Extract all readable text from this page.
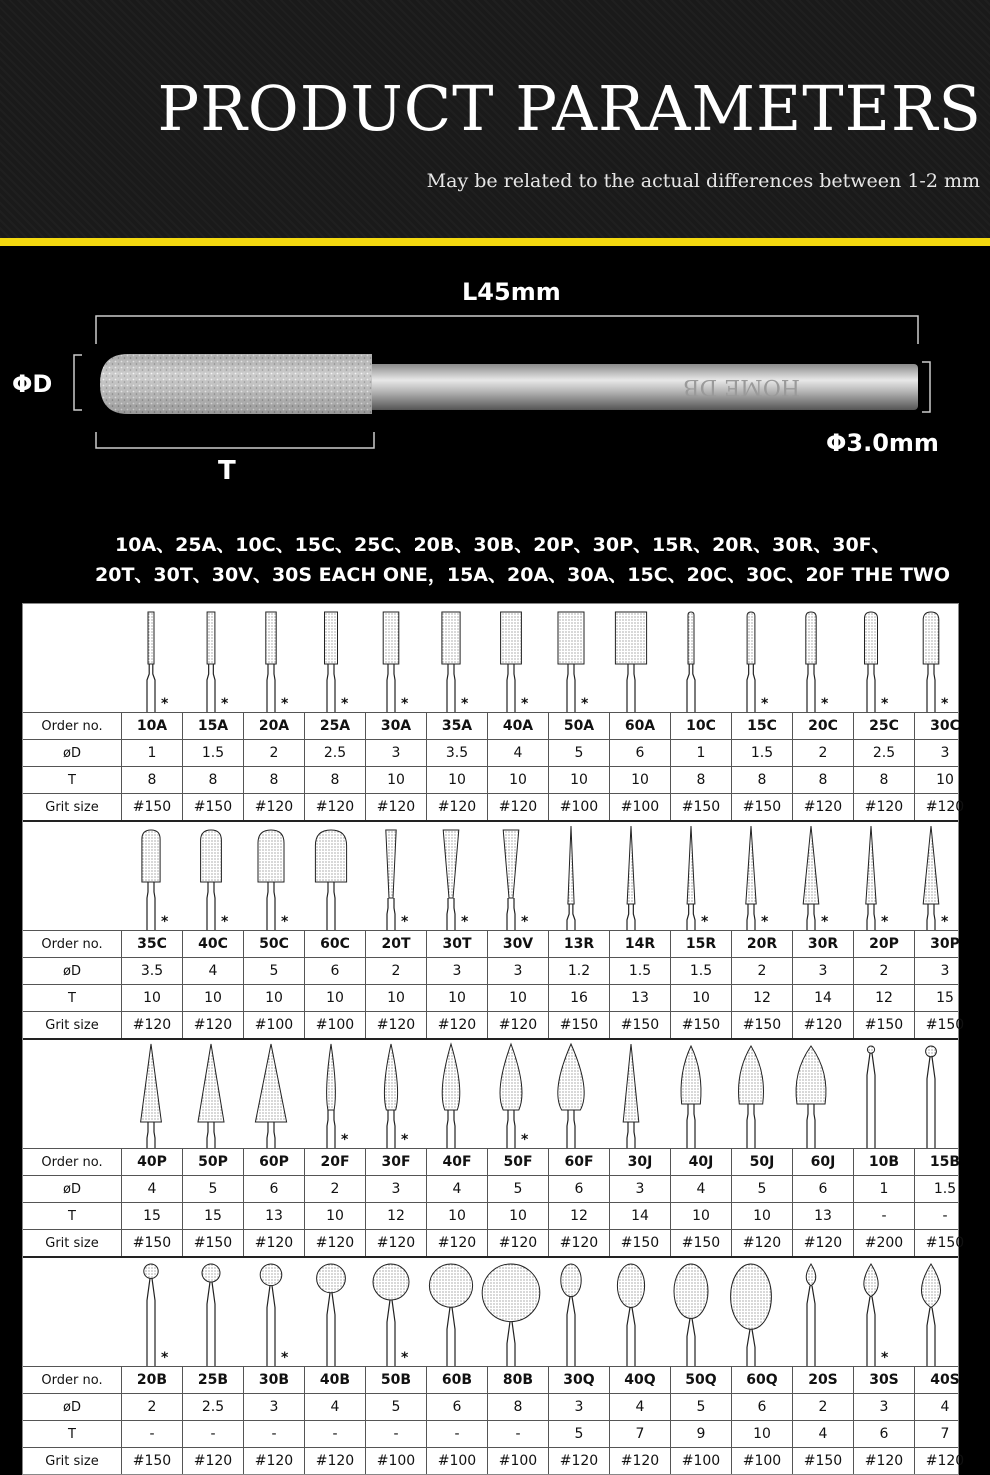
PRODUCT PARAMETERS
May be related to the actual differences between 1-2 mm
L45mm
ΦD
Φ3.0mm
T
HOME DB
10A、25A、10C、15C、25C、20B、30B、20P、30P、15R、20R、30R、30F、
20T、30T、30V、30S EACH ONE，15A、20A、30A、15C、20C、30C、20F THE TWO
*	*	*	*	*	*	*	*	*	*	*	*
Order no.	10A	15A	20A	25A	30A	35A	40A	50A	60A	10C	15C	20C	25C	30C
øD	1	1.5	2	2.5	3	3.5	4	5	6	1	1.5	2	2.5	3
T	8	8	8	8	10	10	10	10	10	8	8	8	8	10
Grit size	#150	#150	#120	#120	#120	#120	#120	#100	#100	#150	#150	#120	#120	#120
*	*	*	*	*	*	*	*	*	*	*
Order no.	35C	40C	50C	60C	20T	30T	30V	13R	14R	15R	20R	30R	20P	30P
øD	3.5	4	5	6	2	3	3	1.2	1.5	1.5	2	3	2	3
T	10	10	10	10	10	10	10	16	13	10	12	14	12	15
Grit size	#120	#120	#100	#100	#120	#120	#120	#150	#150	#150	#150	#120	#150	#150
*	*	*
Order no.	40P	50P	60P	20F	30F	40F	50F	60F	30J	40J	50J	60J	10B	15B
øD	4	5	6	2	3	4	5	6	3	4	5	6	1	1.5
T	15	15	13	10	12	10	10	12	14	10	10	13	-	-
Grit size	#150	#150	#120	#120	#120	#120	#120	#120	#150	#150	#120	#120	#200	#150
*	*	*	*
Order no.	20B	25B	30B	40B	50B	60B	80B	30Q	40Q	50Q	60Q	20S	30S	40S
øD	2	2.5	3	4	5	6	8	3	4	5	6	2	3	4
T	-	-	-	-	-	-	-	5	7	9	10	4	6	7
Grit size	#150	#120	#120	#120	#100	#100	#100	#120	#120	#100	#100	#150	#120	#120
